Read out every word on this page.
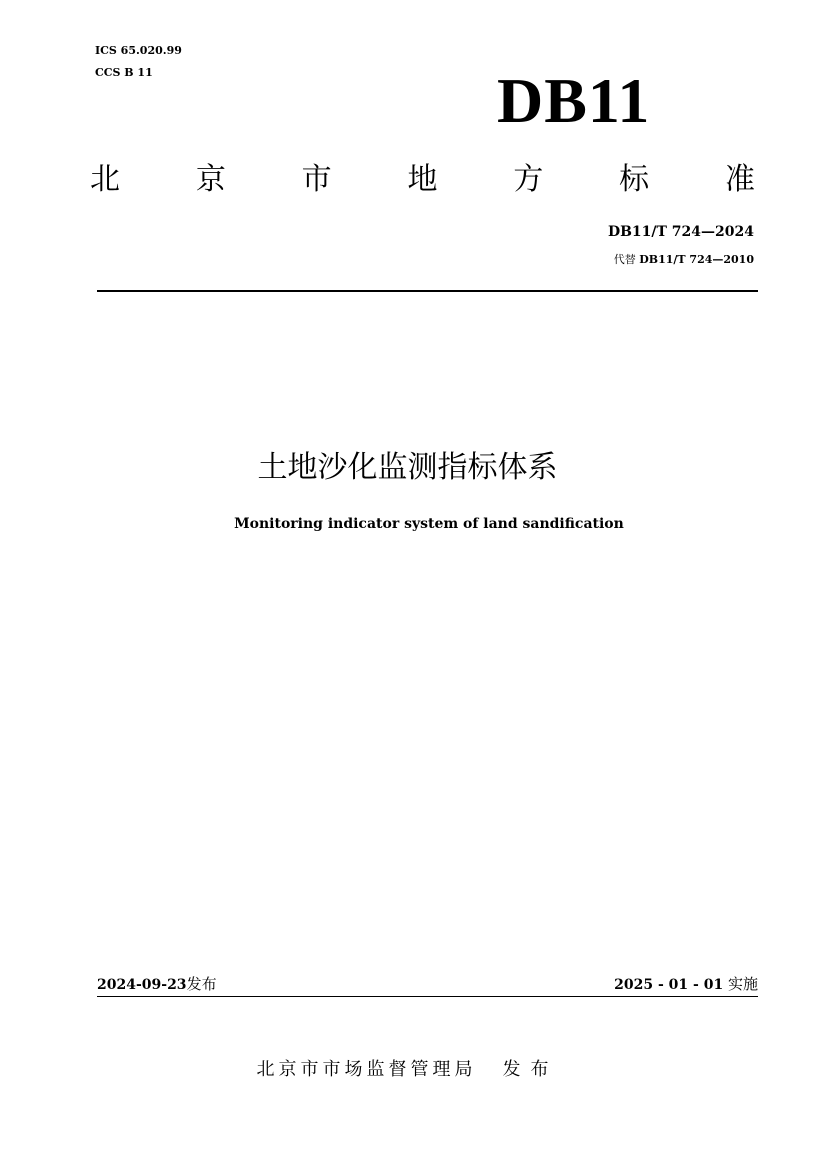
ICS 65.020.99
CCS B 11	DB11
北	京	市	地	方	标	准
DB11/T 724—2024
代替 DB11/T 724—2010
土地沙化监测指标体系
Monitoring indicator system of land sandification
2024-09-23发布	2025 - 01 - 01 实施
北京市市场监督管理局 发布
